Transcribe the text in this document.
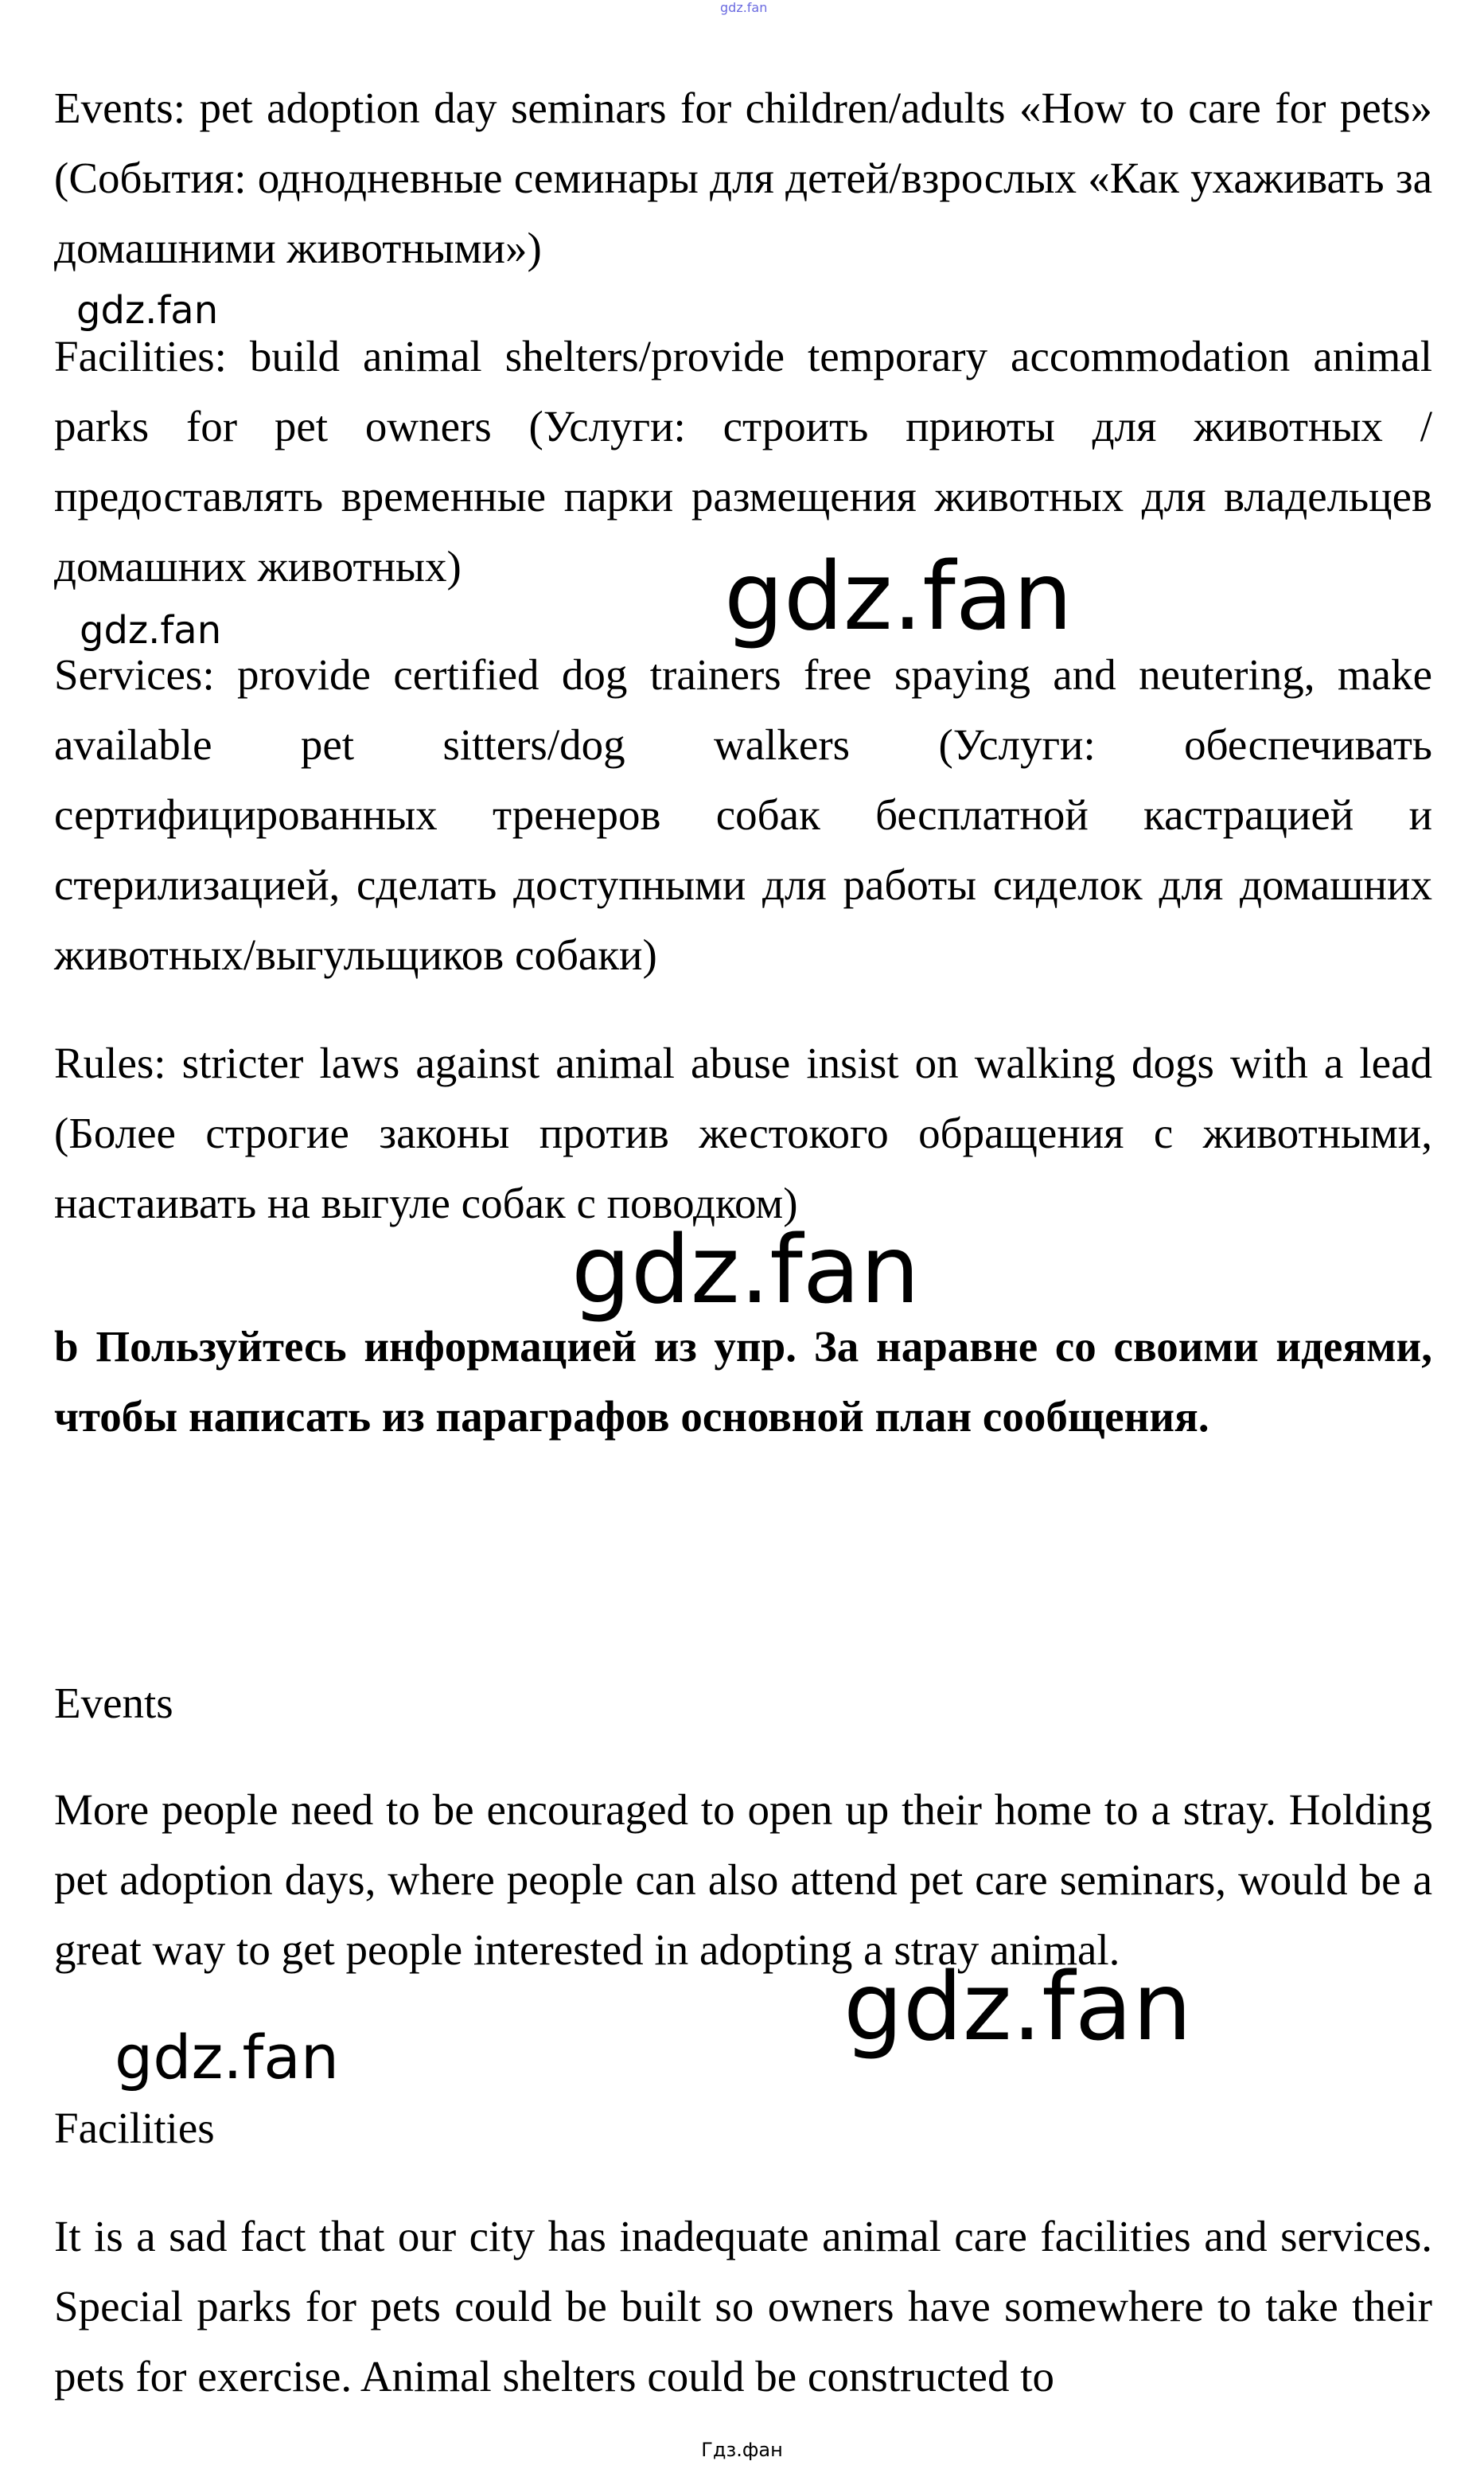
gdz.fan

Events: pet adoption day seminars for children/adults «How to care for pets» (События: однодневные семинары для детей/взрослых «Как ухаживать за домашними животными»)

Facilities: build animal shelters/provide temporary accommodation animal parks for pet owners (Услуги: строить приюты для животных / предоставлять временные парки размещения животных для владельцев домашних животных)

Services: provide certified dog trainers free spaying and neutering, make available pet sitters/dog walkers (Услуги: обеспечивать сертифицированных тренеров собак бесплатной кастрацией и стерилизацией, сделать доступными для работы сиделок для домашних животных/выгульщиков собаки)

Rules: stricter laws against animal abuse insist on walking dogs with a lead (Более строгие законы против жестокого обращения с животными, настаивать на выгуле собак с поводком)

b Пользуйтесь информацией из упр. За наравне со своими идеями, чтобы написать из параграфов основной план сообщения.

Events

More people need to be encouraged to open up their home to a stray. Holding pet adoption days, where people can also attend pet care seminars, would be a great way to get people interested in adopting a stray animal.

Facilities

It is a sad fact that our city has inadequate animal care facilities and services. Special parks for pets could be built so owners have somewhere to take their pets for exercise. Animal shelters could be constructed to

gdz.fan
gdz.fan
gdz.fan
gdz.fan
gdz.fan
gdz.fan
Гдз.фан
